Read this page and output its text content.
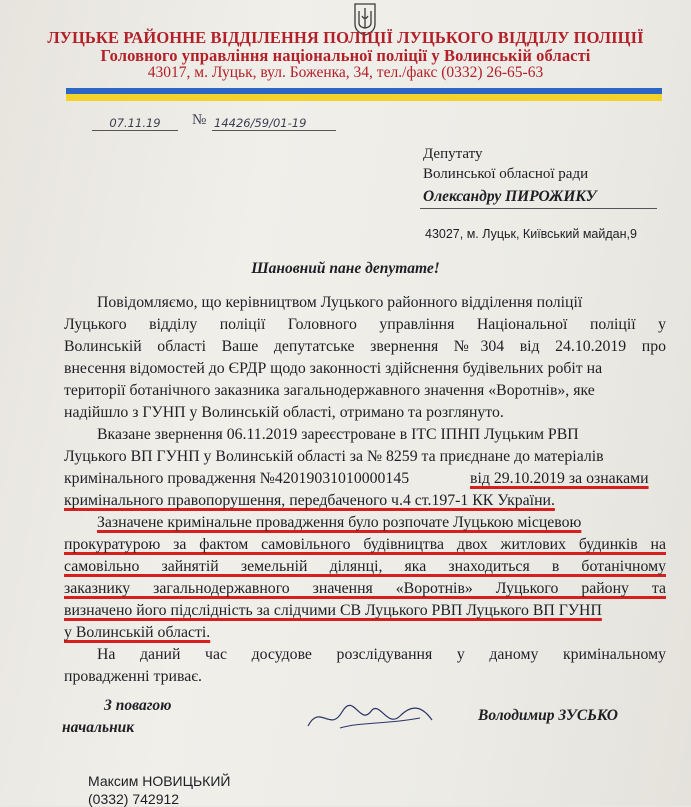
ЛУЦЬКЕ РАЙОННЕ ВІДДІЛЕННЯ ПОЛІЦІЇ ЛУЦЬКОГО ВІДДІЛУ ПОЛІЦІЇ
Головного управління національної поліції у Волинській області
43017, м. Луцьк, вул. Боженка, 34, тел./факс (0332) 26-65-63
07.11.19	№ 14426/59/01-19
Депутату
Волинської обласної ради
Олександру ПИРОЖИКУ
43027, м. Луцьк, Київський майдан,9
Шановний пане депутате!
Повідомляємо, що керівництвом Луцького районного відділення поліції
Луцького відділу поліції Головного управління Національної поліції у
Волинській області Ваше депутатське звернення №304 від 24.10.2019 про
внесення відомостей до ЄРДР щодо законності здійснення будівельних робіт на
території ботанічного заказника загальнодержавного значення «Воротнів», яке
надійшло з ГУНП у Волинській області, отримано та розглянуто.
Вказане звернення 06.11.2019 зареєстроване в ІТС ІПНП Луцьким РВП
Луцького ВП ГУНП у Волинській області за № 8259 та приєднане до матеріалів
кримінального провадження №42019031010000145	від 29.10.2019 за ознаками
кримінального правопорушення, передбаченого ч.4 ст.197-1 КК України.
Зазначене кримінальне провадження було розпочате Луцькою місцевою
прокуратурою за фактом самовільного будівництва двох житлових будинків на
самовільно зайнятій земельній ділянці, яка знаходиться в ботанічному
заказнику загальнодержавного значення «Воротнів» Луцького району та
визначено його підслідність за слідчими СВ Луцького РВП Луцького ВП ГУНП
у Волинській області.
На даний час досудове розслідування у даному кримінальному
провадженні триває.
З повагою
начальник
Володимир ЗУСЬКО
Максим НОВИЦЬКИЙ
(0332) 742912
